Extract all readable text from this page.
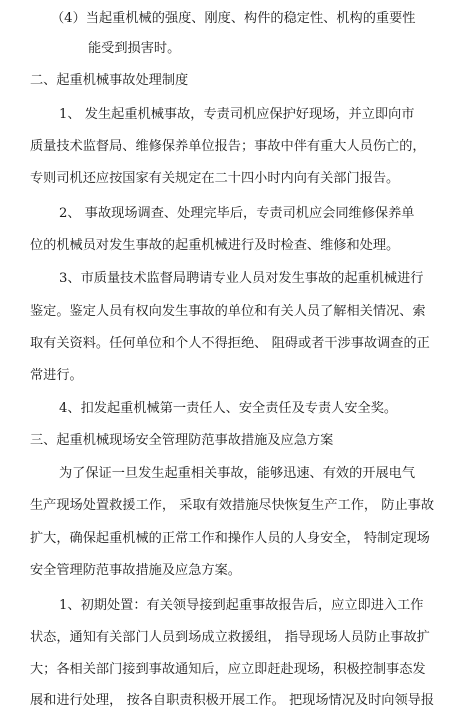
（4）当起重机械的强度、刚度、构件的稳定性、机构的重要性
能受到损害时。
二、起重机械事故处理制度
1、 发生起重机械事故，专责司机应保护好现场，并立即向市
质量技术监督局、维修保养单位报告；事故中伴有重大人员伤亡的，
专则司机还应按国家有关规定在二十四小时内向有关部门报告。
2、 事故现场调查、处理完毕后，专责司机应会同维修保养单
位的机械员对发生事故的起重机械进行及时检查、维修和处理。
3、市质量技术监督局聘请专业人员对发生事故的起重机械进行
鉴定。鉴定人员有权向发生事故的单位和有关人员了解相关情况、索
取有关资料。任何单位和个人不得拒绝、 阻碍或者干涉事故调查的正
常进行。
4、扣发起重机械第一责任人、安全责任及专责人安全奖。
三、起重机械现场安全管理防范事故措施及应急方案
为了保证一旦发生起重相关事故，能够迅速、有效的开展电气
生产现场处置救援工作， 采取有效措施尽快恢复生产工作， 防止事故
扩大，确保起重机械的正常工作和操作人员的人身安全， 特制定现场
安全管理防范事故措施及应急方案。
1、初期处置：有关领导接到起重事故报告后，应立即进入工作
状态，通知有关部门人员到场成立救援组， 指导现场人员防止事故扩
大；各相关部门接到事故通知后，应立即赶赴现场，积极控制事态发
展和进行处理， 按各自职责积极开展工作。 把现场情况及时向领导报
